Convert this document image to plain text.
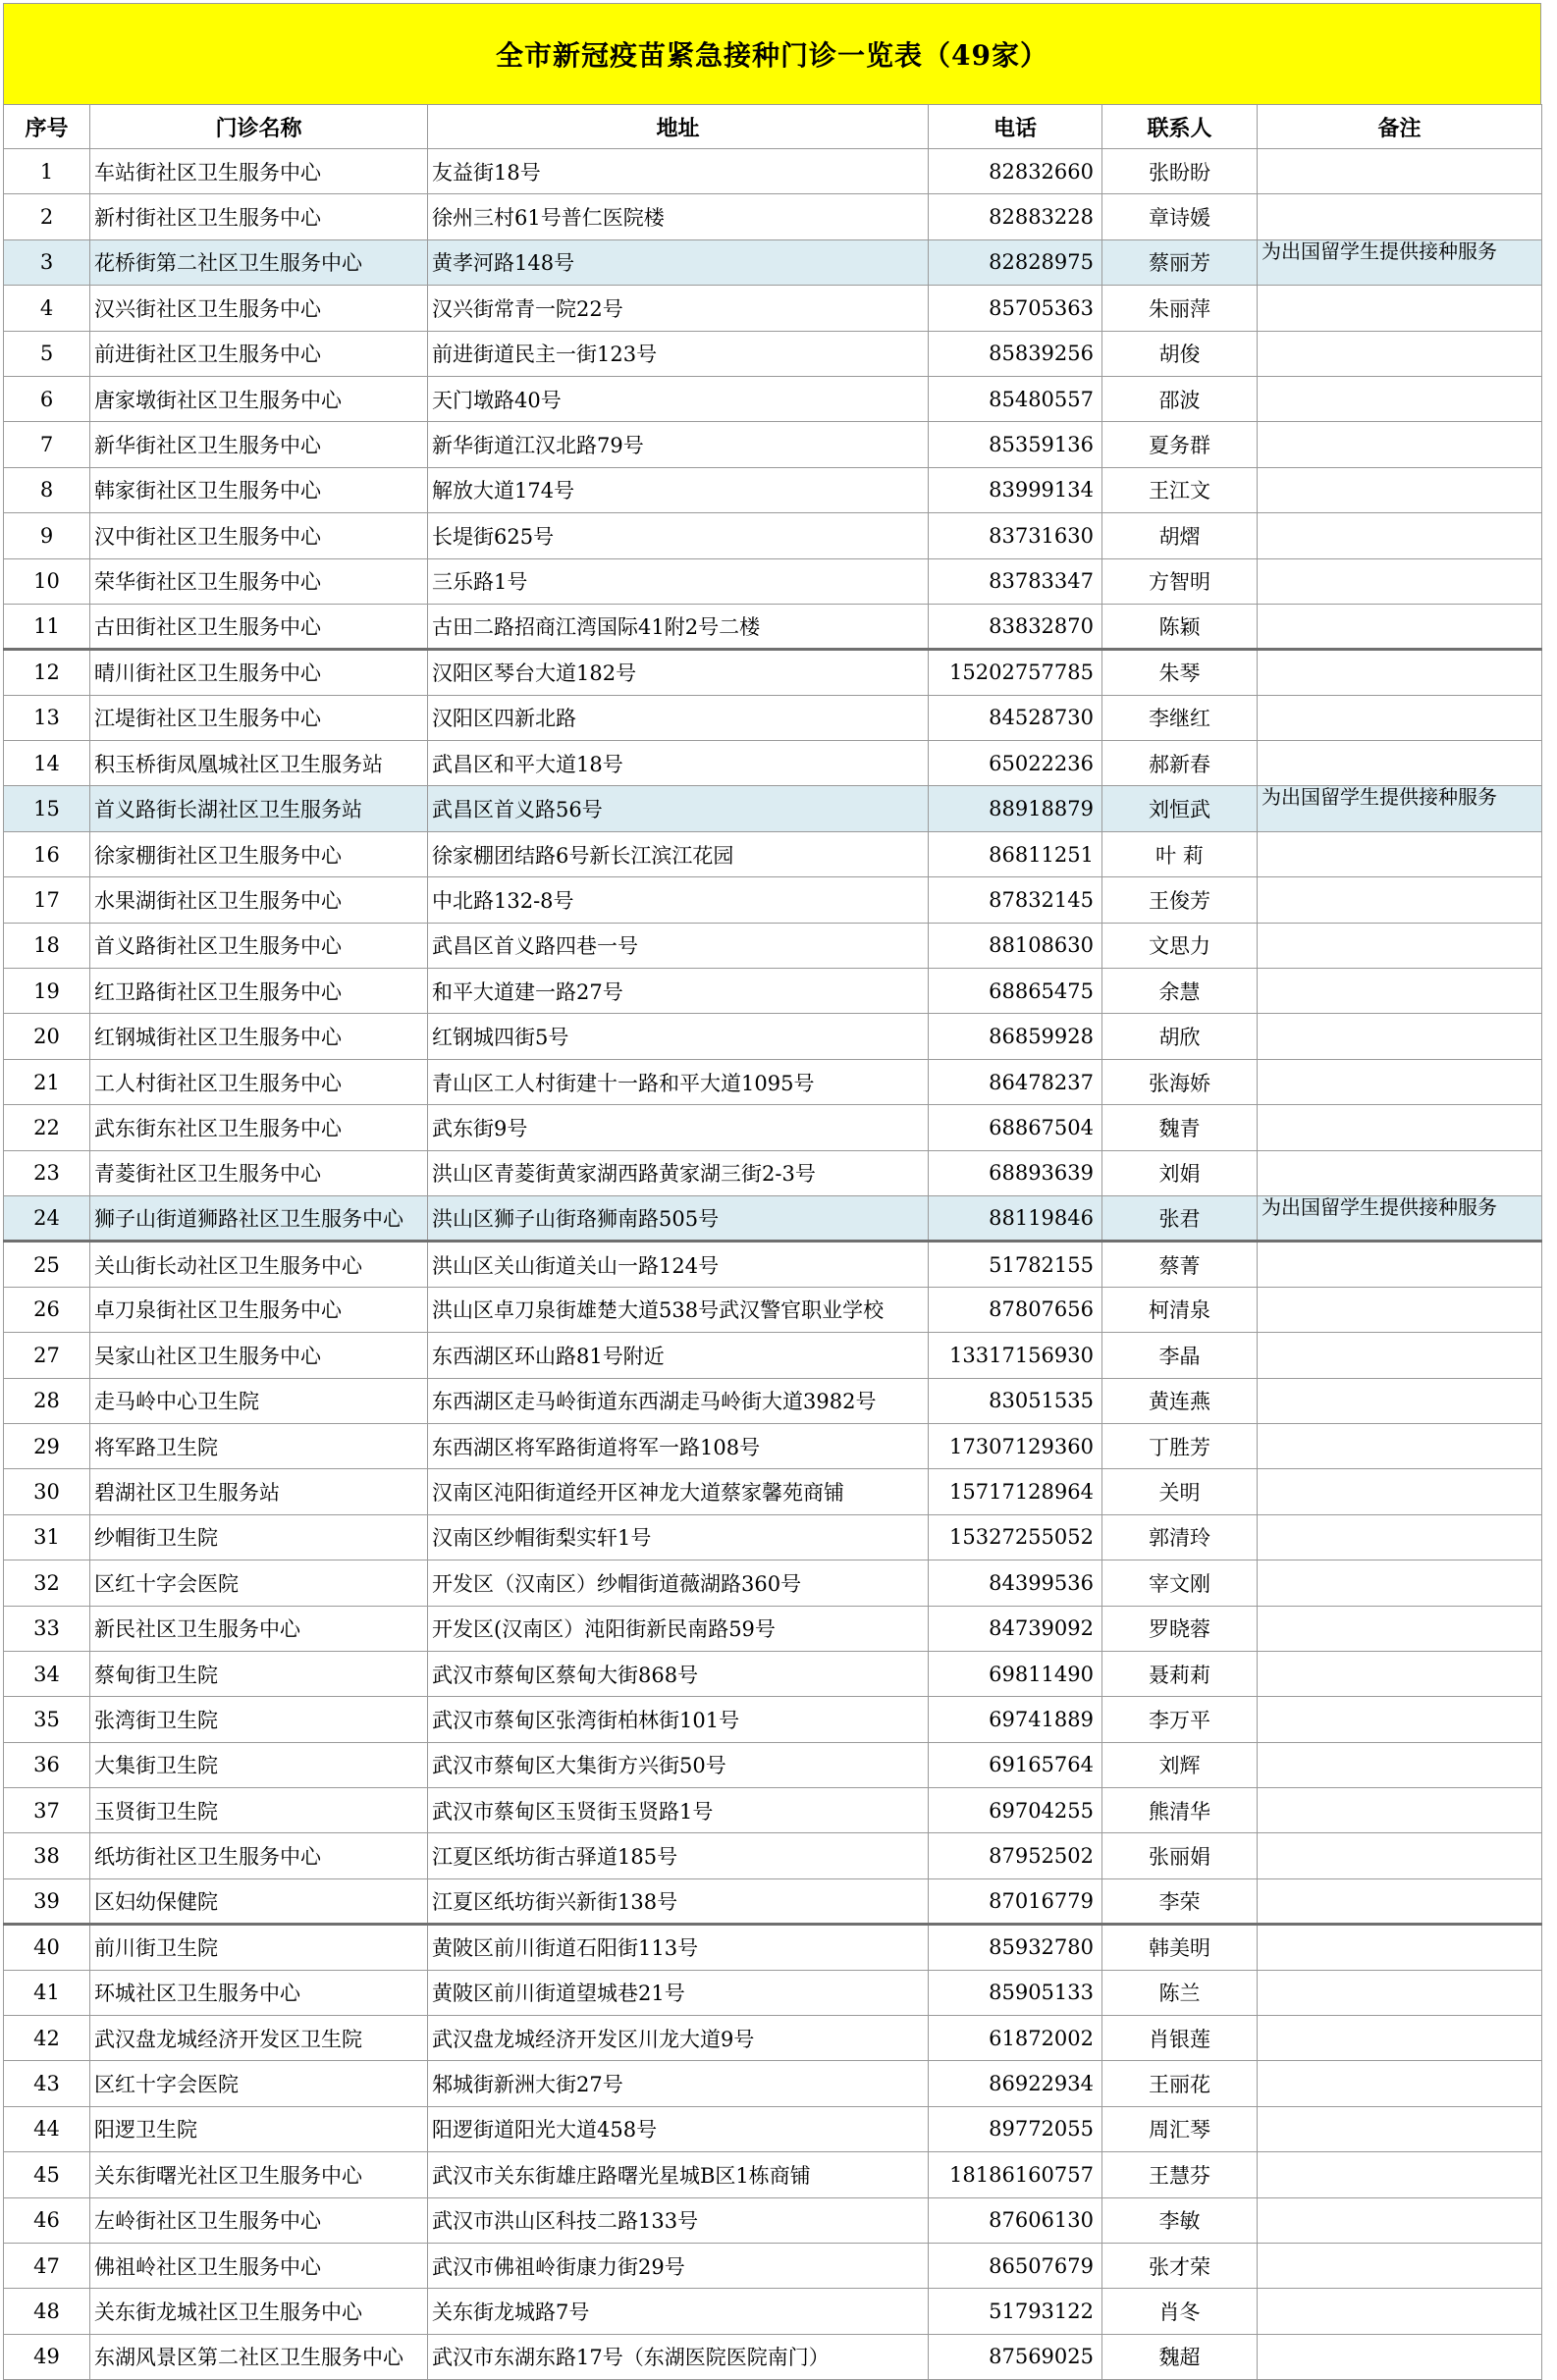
全市新冠疫苗紧急接种门诊一览表（49家）
序号	门诊名称	地址	电话	联系人	备注
1	车站街社区卫生服务中心	友益街18号	82832660	张盼盼	
2	新村街社区卫生服务中心	徐州三村61号普仁医院楼	82883228	章诗媛	
3	花桥街第二社区卫生服务中心	黄孝河路148号	82828975	蔡丽芳	为出国留学生提供接种服务
4	汉兴街社区卫生服务中心	汉兴街常青一院22号	85705363	朱丽萍	
5	前进街社区卫生服务中心	前进街道民主一街123号	85839256	胡俊	
6	唐家墩街社区卫生服务中心	天门墩路40号	85480557	邵波	
7	新华街社区卫生服务中心	新华街道江汉北路79号	85359136	夏务群	
8	韩家街社区卫生服务中心	解放大道174号	83999134	王江文	
9	汉中街社区卫生服务中心	长堤街625号	83731630	胡熠	
10	荣华街社区卫生服务中心	三乐路1号	83783347	方智明	
11	古田街社区卫生服务中心	古田二路招商江湾国际41附2号二楼	83832870	陈颖	
12	晴川街社区卫生服务中心	汉阳区琴台大道182号	15202757785	朱琴	
13	江堤街社区卫生服务中心	汉阳区四新北路	84528730	李继红	
14	积玉桥街凤凰城社区卫生服务站	武昌区和平大道18号	65022236	郝新春	
15	首义路街长湖社区卫生服务站	武昌区首义路56号	88918879	刘恒武	为出国留学生提供接种服务
16	徐家棚街社区卫生服务中心	徐家棚团结路6号新长江滨江花园	86811251	叶 莉	
17	水果湖街社区卫生服务中心	中北路132-8号	87832145	王俊芳	
18	首义路街社区卫生服务中心	武昌区首义路四巷一号	88108630	文思力	
19	红卫路街社区卫生服务中心	和平大道建一路27号	68865475	余慧	
20	红钢城街社区卫生服务中心	红钢城四街5号	86859928	胡欣	
21	工人村街社区卫生服务中心	青山区工人村街建十一路和平大道1095号	86478237	张海娇	
22	武东街东社区卫生服务中心	武东街9号	68867504	魏青	
23	青菱街社区卫生服务中心	洪山区青菱街黄家湖西路黄家湖三街2-3号	68893639	刘娟	
24	狮子山街道狮路社区卫生服务中心	洪山区狮子山街珞狮南路505号	88119846	张君	为出国留学生提供接种服务
25	关山街长动社区卫生服务中心	洪山区关山街道关山一路124号	51782155	蔡菁	
26	卓刀泉街社区卫生服务中心	洪山区卓刀泉街雄楚大道538号武汉警官职业学校	87807656	柯清泉	
27	吴家山社区卫生服务中心	东西湖区环山路81号附近	13317156930	李晶	
28	走马岭中心卫生院	东西湖区走马岭街道东西湖走马岭街大道3982号	83051535	黄连燕	
29	将军路卫生院	东西湖区将军路街道将军一路108号	17307129360	丁胜芳	
30	碧湖社区卫生服务站	汉南区沌阳街道经开区神龙大道蔡家馨苑商铺	15717128964	关明	
31	纱帽街卫生院	汉南区纱帽街梨实轩1号	15327255052	郭清玲	
32	区红十字会医院	开发区（汉南区）纱帽街道薇湖路360号	84399536	宰文刚	
33	新民社区卫生服务中心	开发区(汉南区）沌阳街新民南路59号	84739092	罗晓蓉	
34	蔡甸街卫生院	武汉市蔡甸区蔡甸大街868号	69811490	聂莉莉	
35	张湾街卫生院	武汉市蔡甸区张湾街柏林街101号	69741889	李万平	
36	大集街卫生院	武汉市蔡甸区大集街方兴街50号	69165764	刘辉	
37	玉贤街卫生院	武汉市蔡甸区玉贤街玉贤路1号	69704255	熊清华	
38	纸坊街社区卫生服务中心	江夏区纸坊街古驿道185号	87952502	张丽娟	
39	区妇幼保健院	江夏区纸坊街兴新街138号	87016779	李荣	
40	前川街卫生院	黄陂区前川街道石阳街113号	85932780	韩美明	
41	环城社区卫生服务中心	黄陂区前川街道望城巷21号	85905133	陈兰	
42	武汉盘龙城经济开发区卫生院	武汉盘龙城经济开发区川龙大道9号	61872002	肖银莲	
43	区红十字会医院	邾城街新洲大街27号	86922934	王丽花	
44	阳逻卫生院	阳逻街道阳光大道458号	89772055	周汇琴	
45	关东街曙光社区卫生服务中心	武汉市关东街雄庄路曙光星城B区1栋商铺	18186160757	王慧芬	
46	左岭街社区卫生服务中心	武汉市洪山区科技二路133号	87606130	李敏	
47	佛祖岭社区卫生服务中心	武汉市佛祖岭街康力街29号	86507679	张才荣	
48	关东街龙城社区卫生服务中心	关东街龙城路7号	51793122	肖冬	
49	东湖风景区第二社区卫生服务中心	武汉市东湖东路17号（东湖医院医院南门）	87569025	魏超	
